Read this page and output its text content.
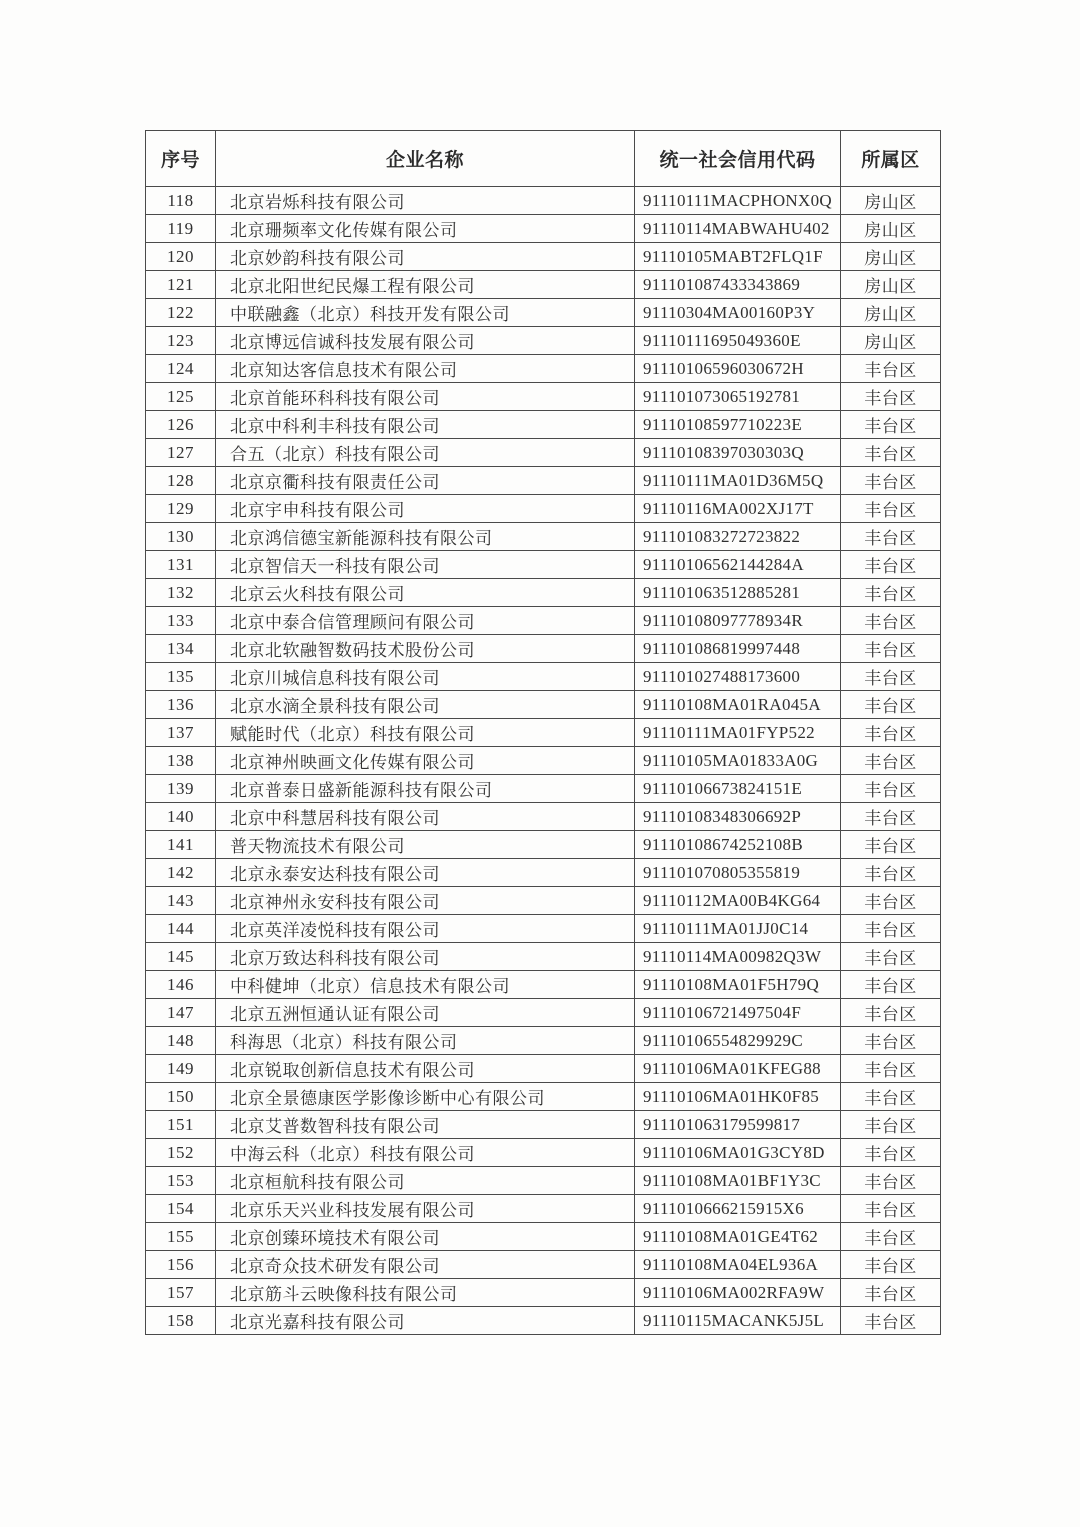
序号	企业名称	统一社会信用代码	所属区
118	北京岩烁科技有限公司	91110111MACPHONX0Q	房山区
119	北京珊频率文化传媒有限公司	91110114MABWAHU402	房山区
120	北京妙韵科技有限公司	91110105MABT2FLQ1F	房山区
121	北京北阳世纪民爆工程有限公司	911101087433343869	房山区
122	中联融鑫（北京）科技开发有限公司	91110304MA00160P3Y	房山区
123	北京博远信诚科技发展有限公司	91110111695049360E	房山区
124	北京知达客信息技术有限公司	91110106596030672H	丰台区
125	北京首能环科科技有限公司	911101073065192781	丰台区
126	北京中科利丰科技有限公司	91110108597710223E	丰台区
127	合五（北京）科技有限公司	91110108397030303Q	丰台区
128	北京京衢科技有限责任公司	91110111MA01D36M5Q	丰台区
129	北京宇申科技有限公司	91110116MA002XJ17T	丰台区
130	北京鸿信德宝新能源科技有限公司	911101083272723822	丰台区
131	北京智信天一科技有限公司	91110106562144284A	丰台区
132	北京云火科技有限公司	911101063512885281	丰台区
133	北京中泰合信管理顾问有限公司	91110108097778934R	丰台区
134	北京北软融智数码技术股份公司	911101086819997448	丰台区
135	北京川城信息科技有限公司	911101027488173600	丰台区
136	北京水滴全景科技有限公司	91110108MA01RA045A	丰台区
137	赋能时代（北京）科技有限公司	91110111MA01FYP522	丰台区
138	北京神州映画文化传媒有限公司	91110105MA01833A0G	丰台区
139	北京普泰日盛新能源科技有限公司	91110106673824151E	丰台区
140	北京中科慧居科技有限公司	91110108348306692P	丰台区
141	普天物流技术有限公司	91110108674252108B	丰台区
142	北京永泰安达科技有限公司	911101070805355819	丰台区
143	北京神州永安科技有限公司	91110112MA00B4KG64	丰台区
144	北京英洋凌悦科技有限公司	91110111MA01JJ0C14	丰台区
145	北京万致达科科技有限公司	91110114MA00982Q3W	丰台区
146	中科健坤（北京）信息技术有限公司	91110108MA01F5H79Q	丰台区
147	北京五洲恒通认证有限公司	91110106721497504F	丰台区
148	科海思（北京）科技有限公司	91110106554829929C	丰台区
149	北京锐取创新信息技术有限公司	91110106MA01KFEG88	丰台区
150	北京全景德康医学影像诊断中心有限公司	91110106MA01HK0F85	丰台区
151	北京艾普数智科技有限公司	911101063179599817	丰台区
152	中海云科（北京）科技有限公司	91110106MA01G3CY8D	丰台区
153	北京桓航科技有限公司	91110108MA01BF1Y3C	丰台区
154	北京乐天兴业科技发展有限公司	9111010666215915X6	丰台区
155	北京创臻环境技术有限公司	91110108MA01GE4T62	丰台区
156	北京奇众技术研发有限公司	91110108MA04EL936A	丰台区
157	北京筋斗云映像科技有限公司	91110106MA002RFA9W	丰台区
158	北京光嘉科技有限公司	91110115MACANK5J5L	丰台区
